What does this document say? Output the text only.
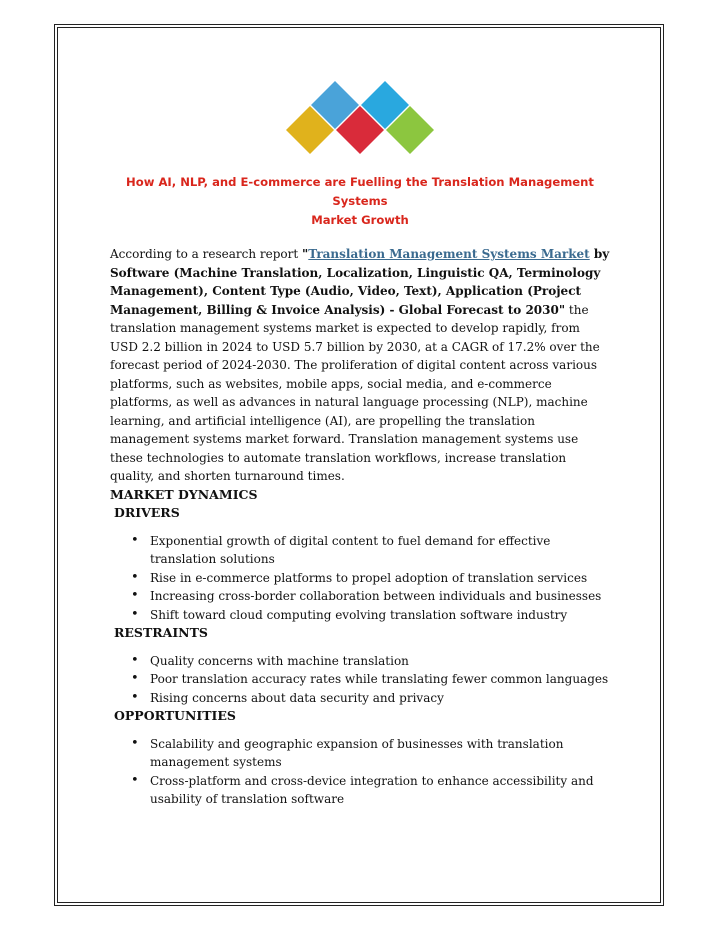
How AI, NLP, and E-commerce are Fuelling the Translation Management Systems
Market Growth

According to a research report "Translation Management Systems Market by Software (Machine Translation, Localization, Linguistic QA, Terminology Management), Content Type (Audio, Video, Text), Application (Project Management, Billing & Invoice Analysis) - Global Forecast to 2030" the translation management systems market is expected to develop rapidly, from USD 2.2 billion in 2024 to USD 5.7 billion by 2030, at a CAGR of 17.2% over the forecast period of 2024-2030. The proliferation of digital content across various platforms, such as websites, mobile apps, social media, and e-commerce platforms, as well as advances in natural language processing (NLP), machine learning, and artificial intelligence (AI), are propelling the translation management systems market forward. Translation management systems use these technologies to automate translation workflows, increase translation quality, and shorten turnaround times.

MARKET DYNAMICS

DRIVERS

• Exponential growth of digital content to fuel demand for effective translation solutions
• Rise in e-commerce platforms to propel adoption of translation services
• Increasing cross-border collaboration between individuals and businesses
• Shift toward cloud computing evolving translation software industry

RESTRAINTS

• Quality concerns with machine translation
• Poor translation accuracy rates while translating fewer common languages
• Rising concerns about data security and privacy

OPPORTUNITIES

• Scalability and geographic expansion of businesses with translation management systems
• Cross-platform and cross-device integration to enhance accessibility and usability of translation software
